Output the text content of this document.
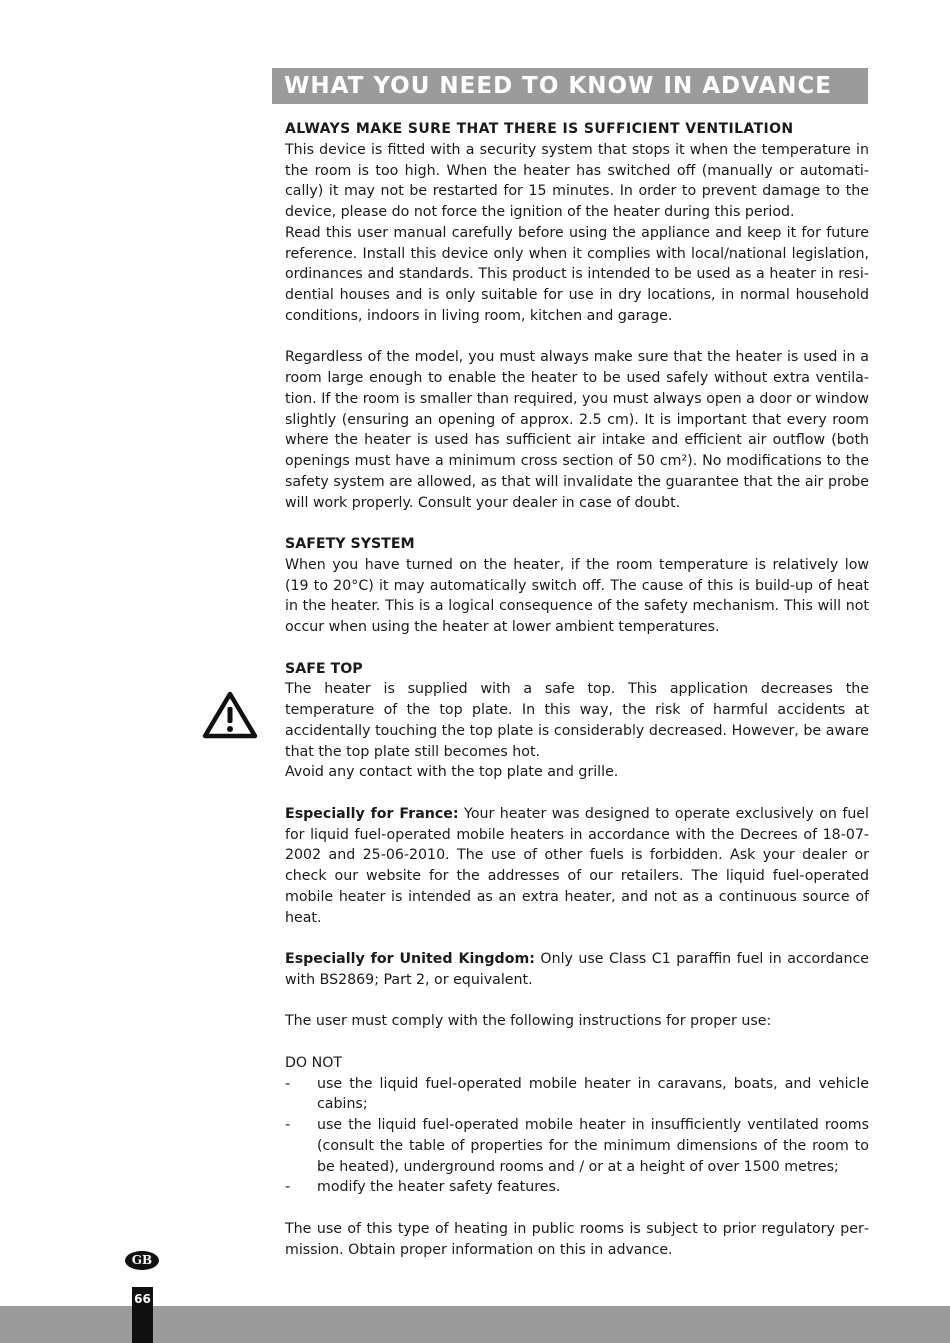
WHAT YOU NEED TO KNOW IN ADVANCE

ALWAYS MAKE SURE THAT THERE IS SUFFICIENT VENTILATION

This device is fitted with a security system that stops it when the temperature in the room is too high. When the heater has switched off (manually or automatically) it may not be restarted for 15 minutes. In order to prevent damage to the device, please do not force the ignition of the heater during this period.

Read this user manual carefully before using the appliance and keep it for future reference. Install this device only when it complies with local/national legislation, ordinances and standards. This product is intended to be used as a heater in residential houses and is only suitable for use in dry locations, in normal household conditions, indoors in living room, kitchen and garage.

Regardless of the model, you must always make sure that the heater is used in a room large enough to enable the heater to be used safely without extra ventilation. If the room is smaller than required, you must always open a door or window slightly (ensuring an opening of approx. 2.5 cm). It is important that every room where the heater is used has sufficient air intake and efficient air outflow (both openings must have a minimum cross section of 50 cm²). No modifications to the safety system are allowed, as that will invalidate the guarantee that the air probe will work properly. Consult your dealer in case of doubt.

SAFETY SYSTEM

When you have turned on the heater, if the room temperature is relatively low (19 to 20°C) it may automatically switch off. The cause of this is build-up of heat in the heater. This is a logical consequence of the safety mechanism. This will not occur when using the heater at lower ambient temperatures.

SAFE TOP

The heater is supplied with a safe top. This application decreases the temperature of the top plate. In this way, the risk of harmful accidents at accidentally touching the top plate is considerably decreased. However, be aware that the top plate still becomes hot.

Avoid any contact with the top plate and grille.

Especially for France: Your heater was designed to operate exclusively on fuel for liquid fuel-operated mobile heaters in accordance with the Decrees of 18-07-2002 and 25-06-2010. The use of other fuels is forbidden. Ask your dealer or check our website for the addresses of our retailers. The liquid fuel-operated mobile heater is intended as an extra heater, and not as a continuous source of heat.

Especially for United Kingdom: Only use Class C1 paraffin fuel in accordance with BS2869; Part 2, or equivalent.

The user must comply with the following instructions for proper use:

DO NOT

- use the liquid fuel-operated mobile heater in caravans, boats, and vehicle cabins;
- use the liquid fuel-operated mobile heater in insufficiently ventilated rooms (consult the table of properties for the minimum dimensions of the room to be heated), underground rooms and / or at a height of over 1500 metres;
- modify the heater safety features.

The use of this type of heating in public rooms is subject to prior regulatory permission. Obtain proper information on this in advance.

GB
66
